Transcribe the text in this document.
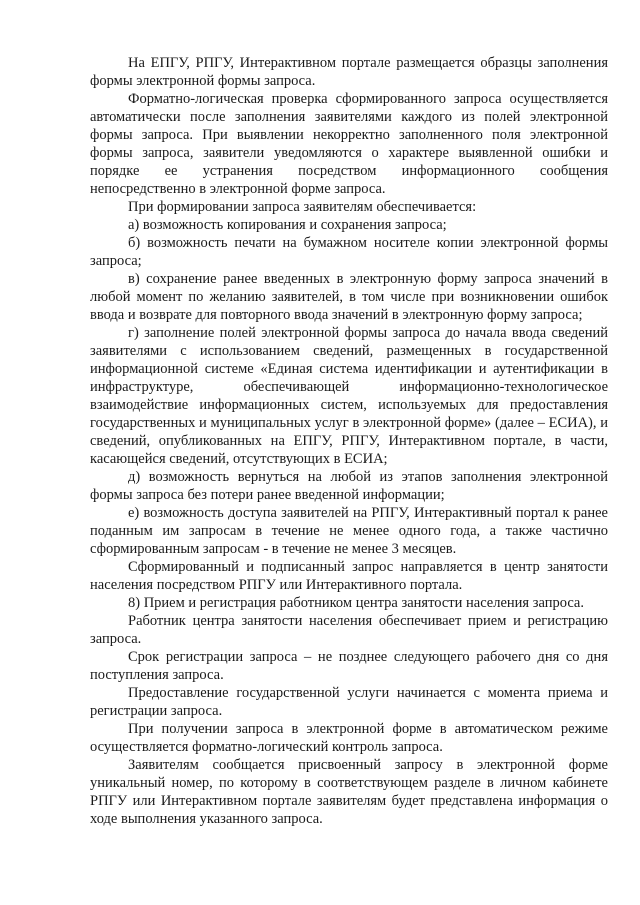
На ЕПГУ, РПГУ, Интерактивном портале размещается образцы заполнения формы электронной формы запроса.

Форматно-логическая проверка сформированного запроса осуществляется автоматически после заполнения заявителями каждого из полей электронной формы запроса. При выявлении некорректно заполненного поля электронной формы запроса, заявители уведомляются о характере выявленной ошибки и порядке ее устранения посредством информационного сообщения непосредственно в электронной форме запроса.

При формировании запроса заявителям обеспечивается:

а) возможность копирования и сохранения запроса;

б) возможность печати на бумажном носителе копии электронной формы запроса;

в) сохранение ранее введенных в электронную форму запроса значений в любой момент по желанию заявителей, в том числе при возникновении ошибок ввода и возврате для повторного ввода значений в электронную форму запроса;

г) заполнение полей электронной формы запроса до начала ввода сведений заявителями с использованием сведений, размещенных в государственной информационной системе «Единая система идентификации и аутентификации в инфраструктуре, обеспечивающей информационно-технологическое взаимодействие информационных систем, используемых для предоставления государственных и муниципальных услуг в электронной форме» (далее – ЕСИА), и сведений, опубликованных на ЕПГУ, РПГУ, Интерактивном портале, в части, касающейся сведений, отсутствующих в ЕСИА;

д) возможность вернуться на любой из этапов заполнения электронной формы запроса без потери ранее введенной информации;

е) возможность доступа заявителей на РПГУ, Интерактивный портал к ранее поданным им запросам в течение не менее одного года, а также частично сформированным запросам - в течение не менее 3 месяцев.

Сформированный и подписанный запрос направляется в центр занятости населения посредством РПГУ или Интерактивного портала.

8) Прием и регистрация работником центра занятости населения запроса.

Работник центра занятости населения обеспечивает прием и регистрацию запроса.

Срок регистрации запроса – не позднее следующего рабочего дня со дня поступления запроса.

Предоставление государственной услуги начинается с момента приема и регистрации запроса.

При получении запроса в электронной форме в автоматическом режиме осуществляется форматно-логический контроль запроса.

Заявителям сообщается присвоенный запросу в электронной форме уникальный номер, по которому в соответствующем разделе в личном кабинете РПГУ или Интерактивном портале заявителям будет представлена информация о ходе выполнения указанного запроса.
